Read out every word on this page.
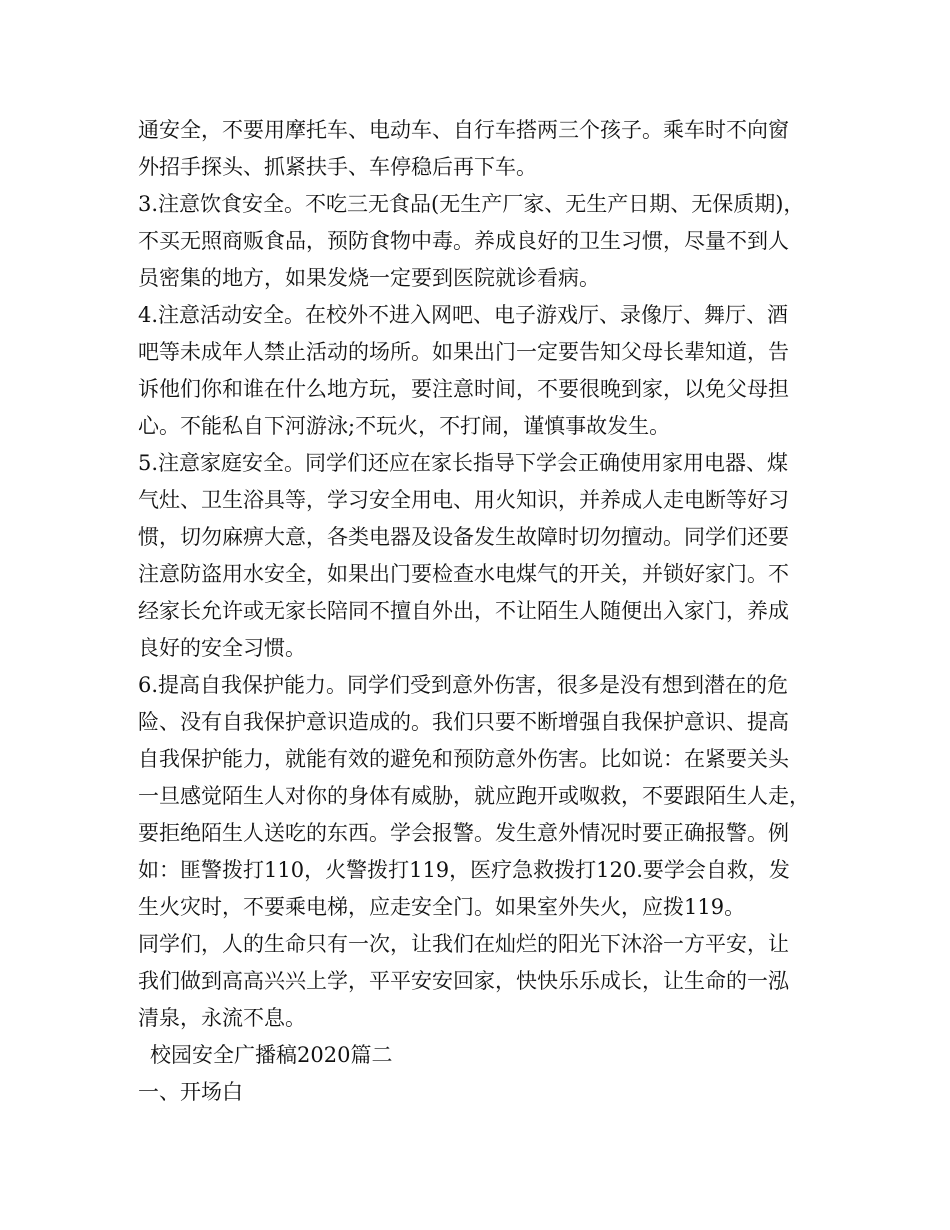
通安全，不要用摩托车、电动车、自行车搭两三个孩子。乘车时不向窗
外招手探头、抓紧扶手、车停稳后再下车。
3.注意饮食安全。不吃三无食品(无生产厂家、无生产日期、无保质期)，
不买无照商贩食品，预防食物中毒。养成良好的卫生习惯，尽量不到人
员密集的地方，如果发烧一定要到医院就诊看病。
4.注意活动安全。在校外不进入网吧、电子游戏厅、录像厅、舞厅、酒
吧等未成年人禁止活动的场所。如果出门一定要告知父母长辈知道，告
诉他们你和谁在什么地方玩，要注意时间，不要很晚到家，以免父母担
心。不能私自下河游泳;不玩火，不打闹，谨慎事故发生。
5.注意家庭安全。同学们还应在家长指导下学会正确使用家用电器、煤
气灶、卫生浴具等，学习安全用电、用火知识，并养成人走电断等好习
惯，切勿麻痹大意，各类电器及设备发生故障时切勿擅动。同学们还要
注意防盗用水安全，如果出门要检查水电煤气的开关，并锁好家门。不
经家长允许或无家长陪同不擅自外出，不让陌生人随便出入家门，养成
良好的安全习惯。
6.提高自我保护能力。同学们受到意外伤害，很多是没有想到潜在的危
险、没有自我保护意识造成的。我们只要不断增强自我保护意识、提高
自我保护能力，就能有效的避免和预防意外伤害。比如说：在紧要关头
一旦感觉陌生人对你的身体有威胁，就应跑开或呶救，不要跟陌生人走，
要拒绝陌生人送吃的东西。学会报警。发生意外情况时要正确报警。例
如：匪警拨打110，火警拨打119，医疗急救拨打120.要学会自救，发
生火灾时，不要乘电梯，应走安全门。如果室外失火，应拨119。
同学们，人的生命只有一次，让我们在灿烂的阳光下沐浴一方平安，让
我们做到高高兴兴上学，平平安安回家，快快乐乐成长，让生命的一泓
清泉，永流不息。
校园安全广播稿2020篇二
一、开场白
